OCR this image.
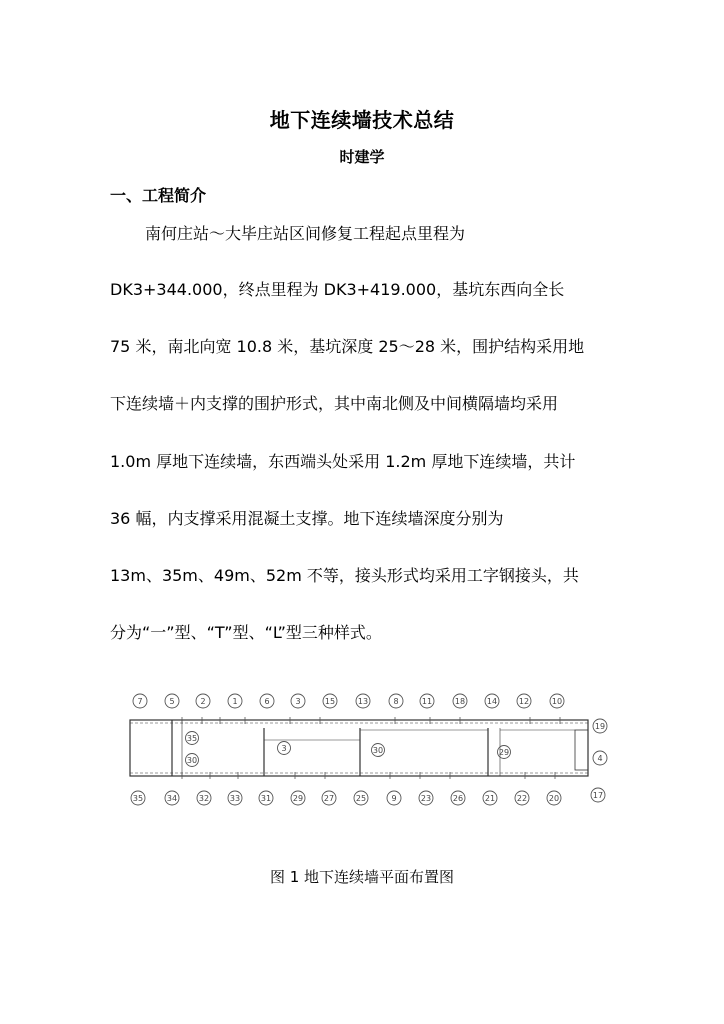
地下连续墙技术总结
时建学
一、工程简介
南何庄站～大毕庄站区间修复工程起点里程为
DK3+344.000，终点里程为 DK3+419.000，基坑东西向全长
75 米，南北向宽 10.8 米，基坑深度 25～28 米，围护结构采用地
下连续墙＋内支撑的围护形式，其中南北侧及中间横隔墙均采用
1.0m 厚地下连续墙，东西端头处采用 1.2m 厚地下连续墙，共计
36 幅，内支撑采用混凝土支撑。地下连续墙深度分别为
13m、35m、49m、52m 不等，接头形式均采用工字钢接头，共
分为“一”型、“T”型、“L”型三种样式。
7	5	2	1	6	3	15	13	8	11	18	14	12	10
35	34	32	33	31	29	27	25	9	23	26	21	22	20
19
4
17
35
30
3	30	29
图 1 地下连续墙平面布置图
